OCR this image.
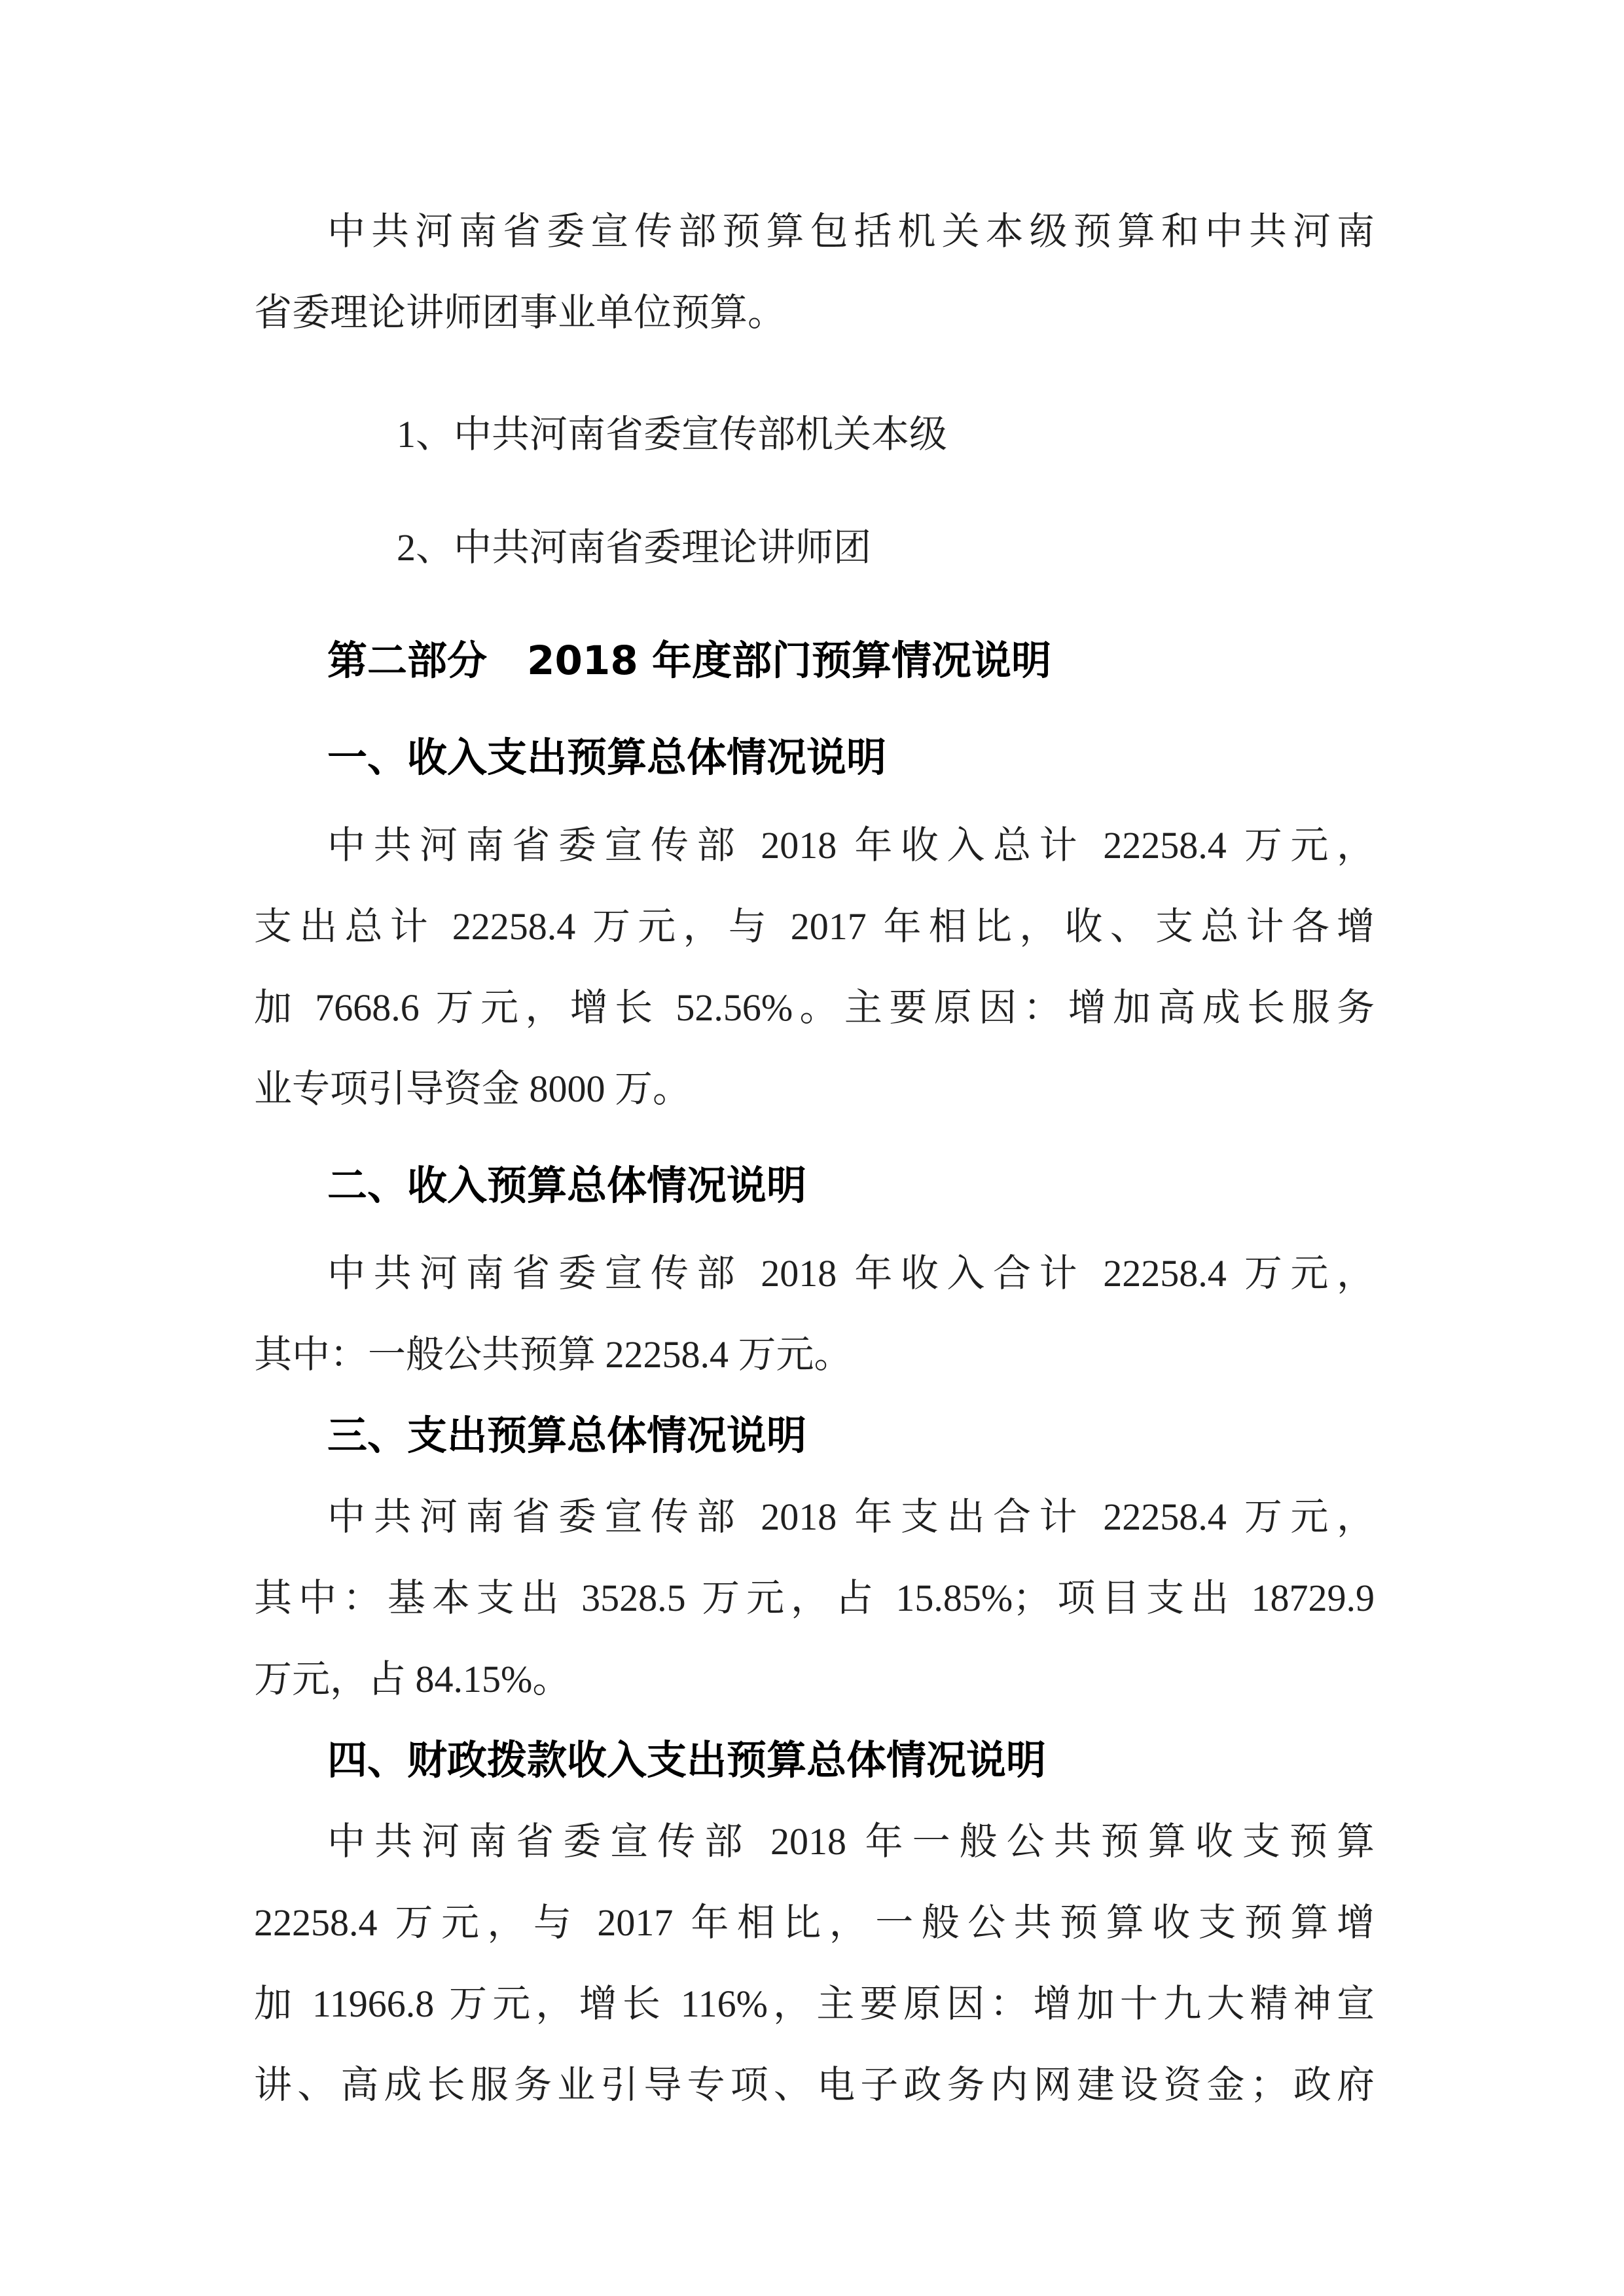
中共河南省委宣传部预算包括机关本级预算和中共河南
省委理论讲师团事业单位预算。

1、中共河南省委宣传部机关本级

2、中共河南省委理论讲师团

第二部分　2018 年度部门预算情况说明
一、收入支出预算总体情况说明

中共河南省委宣传部 2018 年收入总计 22258.4 万元，
支出总计 22258.4 万元，与 2017 年相比，收、支总计各增
加 7668.6 万元，增长 52.56%。主要原因：增加高成长服务
业专项引导资金 8000 万。

二、收入预算总体情况说明

中共河南省委宣传部 2018 年收入合计 22258.4 万元，
其中：一般公共预算 22258.4 万元。

三、支出预算总体情况说明

中共河南省委宣传部 2018 年支出合计 22258.4 万元，
其中：基本支出 3528.5 万元，占 15.85%；项目支出 18729.9
万元，占 84.15%。

四、财政拨款收入支出预算总体情况说明

中共河南省委宣传部 2018 年一般公共预算收支预算
22258.4 万元，与 2017 年相比，一般公共预算收支预算增
加 11966.8 万元，增长 116%，主要原因：增加十九大精神宣
讲、高成长服务业引导专项、电子政务内网建设资金；政府
